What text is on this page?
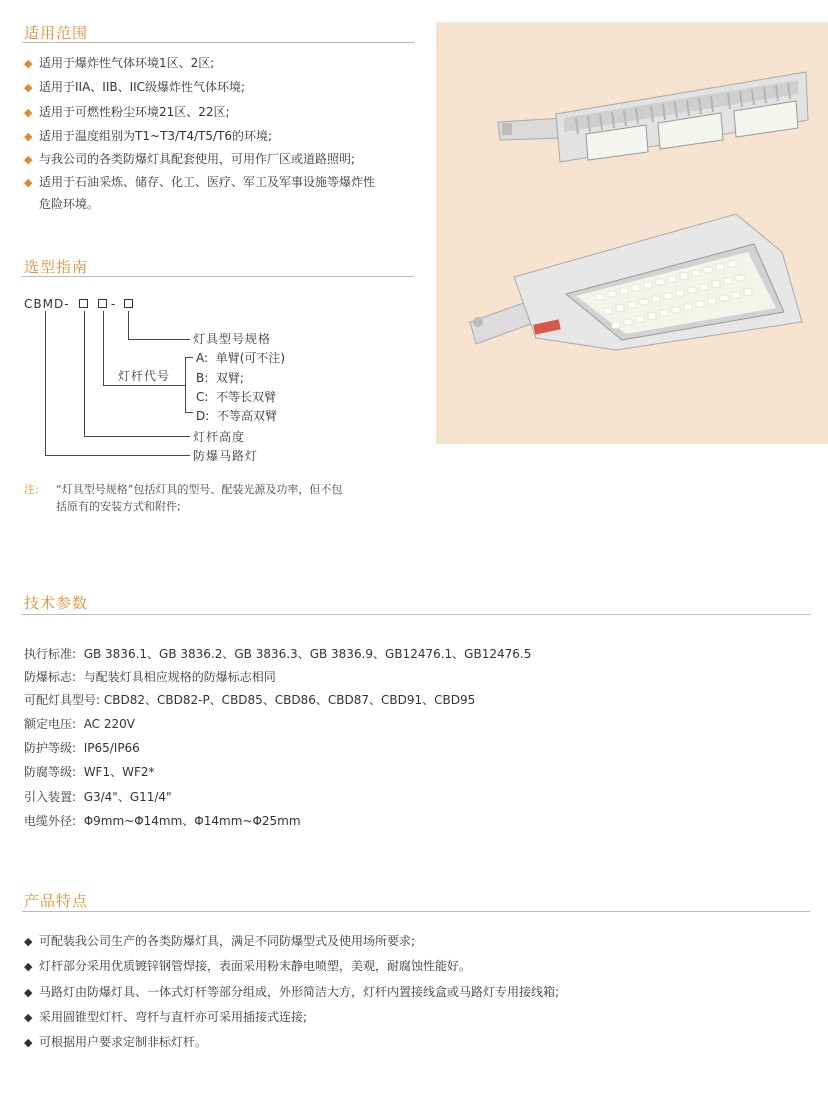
适用范围
◆ 适用于爆炸性气体环境1区、2区;
◆ 适用于IIA、IIB、IIC级爆炸性气体环境;
◆ 适用于可燃性粉尘环境21区、22区;
◆ 适用于温度组别为T1~T3/T4/T5/T6的环境;
◆ 与我公司的各类防爆灯具配套使用，可用作厂区或道路照明;
◆ 适用于石油采炼、储存、化工、医疗、军工及军事设施等爆炸性
危险环境。
选型指南
CBMD-	-
灯具型号规格
灯杆代号
A: 单臂(可不注)
B: 双臂;
C: 不等长双臂
D: 不等高双臂
灯杆高度
防爆马路灯
注: “灯具型号规格”包括灯具的型号、配装光源及功率，但不包
括原有的安装方式和附件;
技术参数
执行标准: GB 3836.1、GB 3836.2、GB 3836.3、GB 3836.9、GB12476.1、GB12476.5
防爆标志: 与配装灯具相应规格的防爆标志相同
可配灯具型号: CBD82、CBD82-P、CBD85、CBD86、CBD87、CBD91、CBD95
额定电压: AC 220V
防护等级: IP65/IP66
防腐等级: WF1、WF2*
引入装置: G3/4"、G11/4"
电缆外径: Φ9mm~Φ14mm、Φ14mm~Φ25mm
产品特点
◆ 可配装我公司生产的各类防爆灯具，满足不同防爆型式及使用场所要求;
◆ 灯杆部分采用优质镀锌钢管焊接，表面采用粉末静电喷塑，美观，耐腐蚀性能好。
◆ 马路灯由防爆灯具、一体式灯杆等部分组成，外形简洁大方，灯杆内置接线盒或马路灯专用接线箱;
◆ 采用圆锥型灯杆、弯杆与直杆亦可采用插接式连接;
◆ 可根据用户要求定制非标灯杆。
